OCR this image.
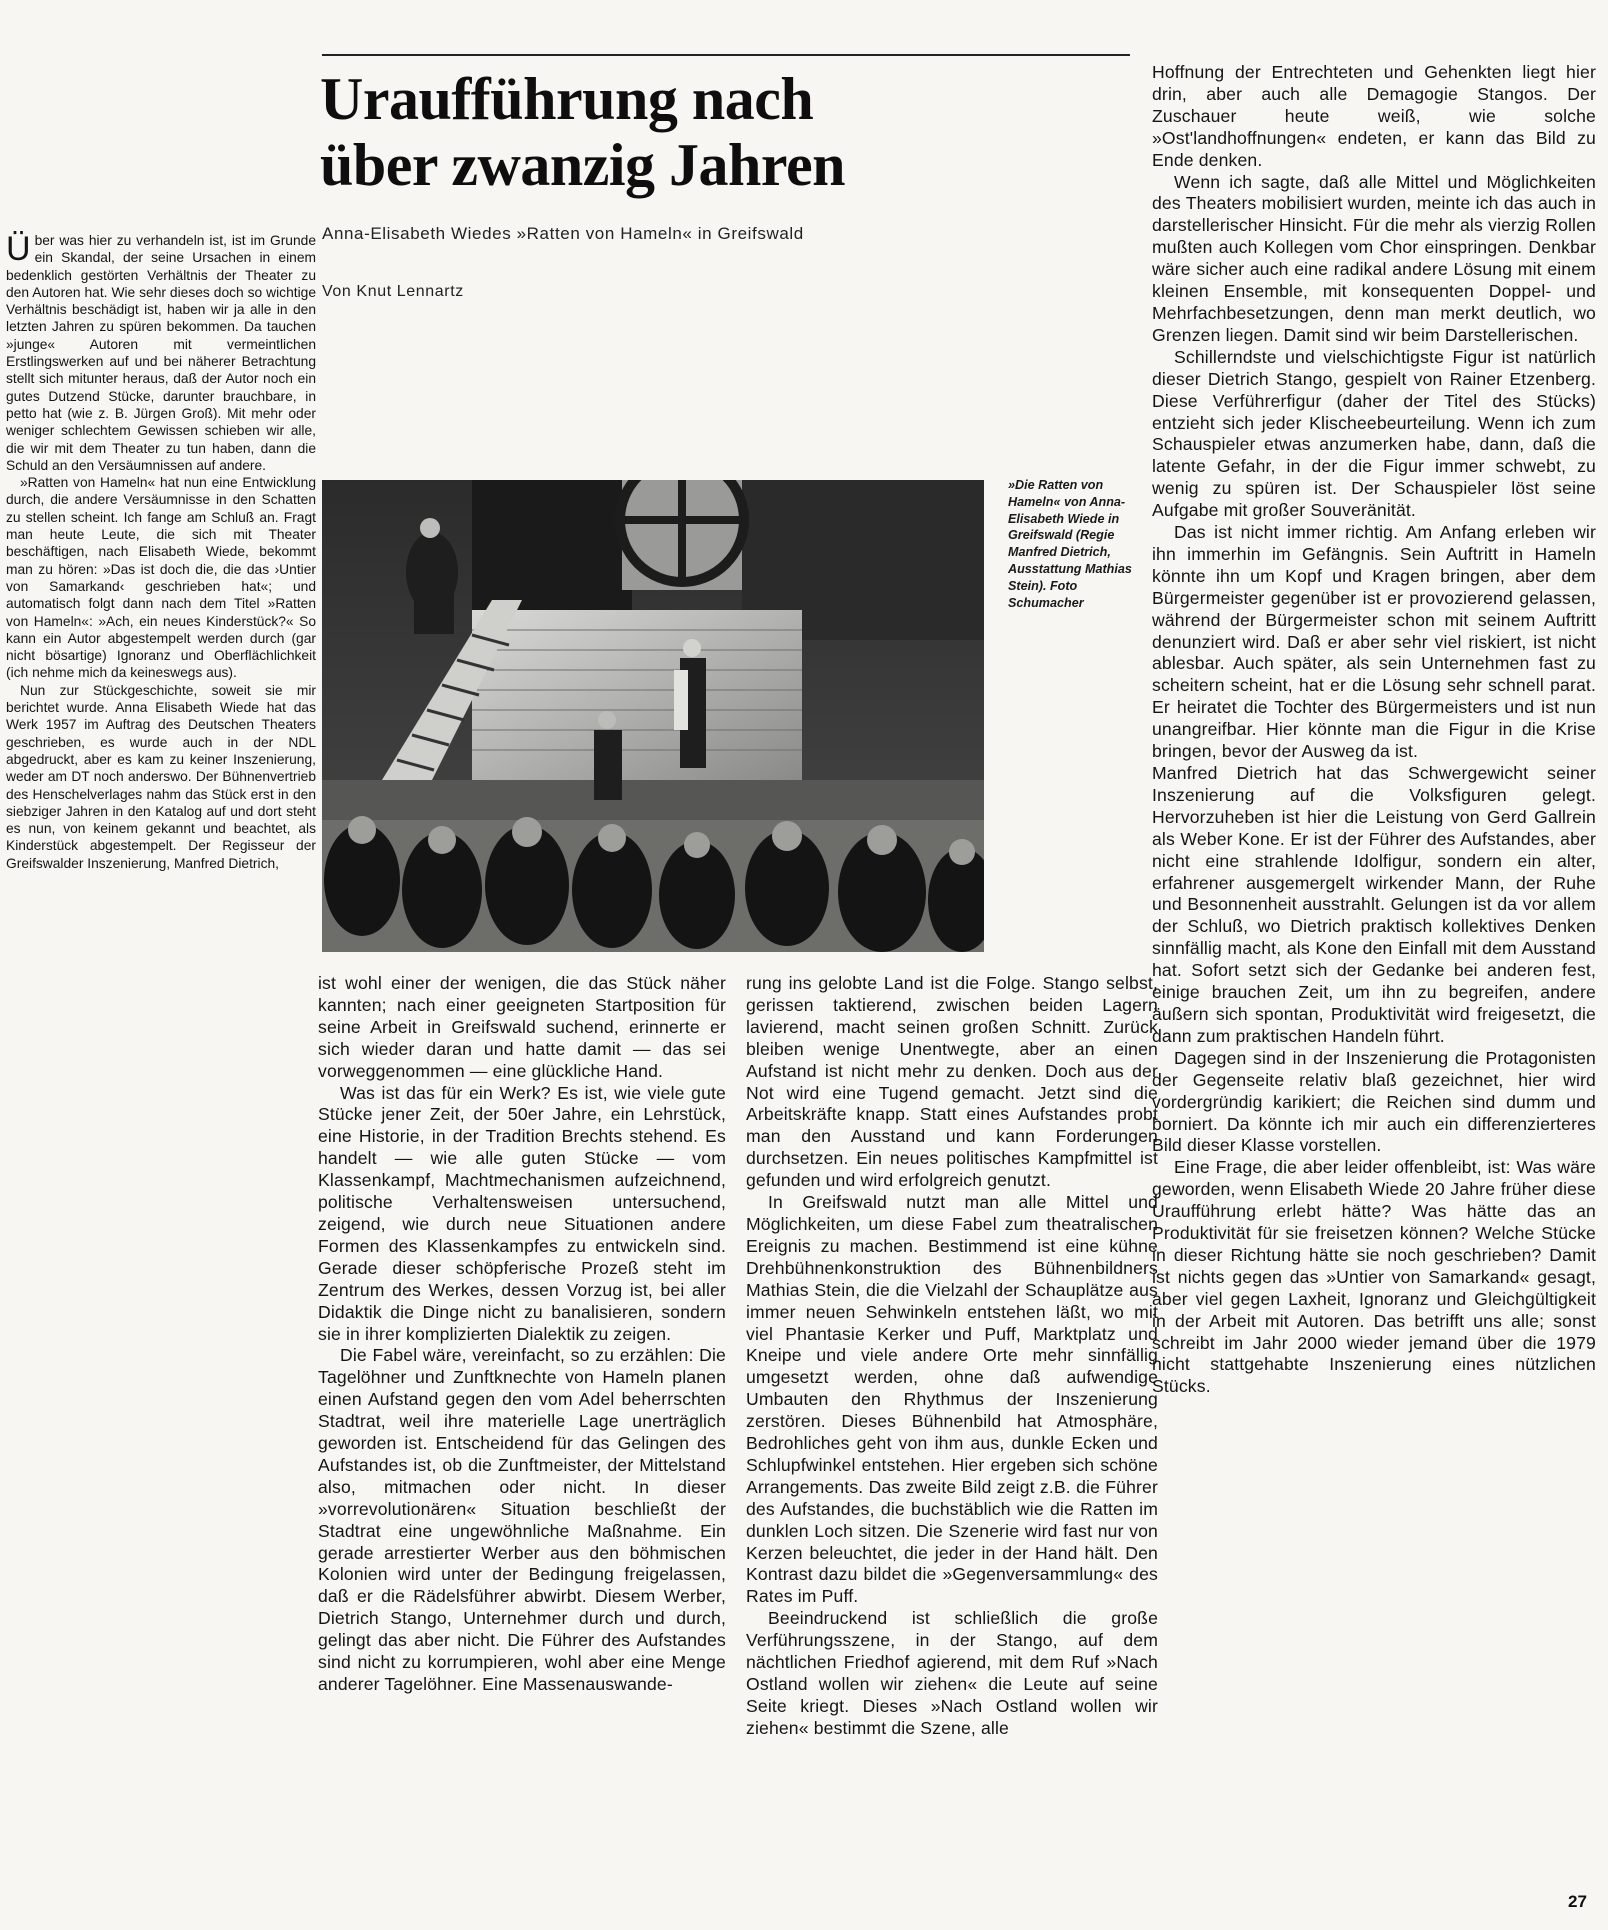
Uraufführung nach
über zwanzig Jahren

Anna-Elisabeth Wiedes »Ratten von Hameln« in Greifswald

Von Knut Lennartz

Über was hier zu verhandeln ist, ist im Grunde ein Skandal, der seine Ursachen in einem bedenklich gestörten Verhältnis der Theater zu den Autoren hat. Wie sehr dieses doch so wichtige Verhältnis beschädigt ist, haben wir ja alle in den letzten Jahren zu spüren bekommen. Da tauchen »junge« Autoren mit vermeintlichen Erstlingswerken auf und bei näherer Betrachtung stellt sich mitunter heraus, daß der Autor noch ein gutes Dutzend Stücke, darunter brauchbare, in petto hat (wie z. B. Jürgen Groß). Mit mehr oder weniger schlechtem Gewissen schieben wir alle, die wir mit dem Theater zu tun haben, dann die Schuld an den Versäumnissen auf andere.

»Ratten von Hameln« hat nun eine Entwicklung durch, die andere Versäumnisse in den Schatten zu stellen scheint. Ich fange am Schluß an. Fragt man heute Leute, die sich mit Theater beschäftigen, nach Elisabeth Wiede, bekommt man zu hören: »Das ist doch die, die das ›Untier von Samarkand‹ geschrieben hat«; und automatisch folgt dann nach dem Titel »Ratten von Hameln«: »Ach, ein neues Kinderstück?« So kann ein Autor abgestempelt werden durch (gar nicht bösartige) Ignoranz und Oberflächlichkeit (ich nehme mich da keineswegs aus).

Nun zur Stückgeschichte, soweit sie mir berichtet wurde. Anna Elisabeth Wiede hat das Werk 1957 im Auftrag des Deutschen Theaters geschrieben, es wurde auch in der NDL abgedruckt, aber es kam zu keiner Inszenierung, weder am DT noch anderswo. Der Bühnenvertrieb des Henschelverlages nahm das Stück erst in den siebziger Jahren in den Katalog auf und dort steht es nun, von keinem gekannt und beachtet, als Kinderstück abgestempelt. Der Regisseur der Greifswalder Inszenierung, Manfred Dietrich,

»Die Ratten von Hameln« von Anna-Elisabeth Wiede in Greifswald (Regie Manfred Dietrich, Ausstattung Mathias Stein). Foto Schumacher

ist wohl einer der wenigen, die das Stück näher kannten; nach einer geeigneten Startposition für seine Arbeit in Greifswald suchend, erinnerte er sich wieder daran und hatte damit — das sei vorweggenommen — eine glückliche Hand.

Was ist das für ein Werk? Es ist, wie viele gute Stücke jener Zeit, der 50er Jahre, ein Lehrstück, eine Historie, in der Tradition Brechts stehend. Es handelt — wie alle guten Stücke — vom Klassenkampf, Machtmechanismen aufzeichnend, politische Verhaltensweisen untersuchend, zeigend, wie durch neue Situationen andere Formen des Klassenkampfes zu entwickeln sind. Gerade dieser schöpferische Prozeß steht im Zentrum des Werkes, dessen Vorzug ist, bei aller Didaktik die Dinge nicht zu banalisieren, sondern sie in ihrer komplizierten Dialektik zu zeigen.

Die Fabel wäre, vereinfacht, so zu erzählen: Die Tagelöhner und Zunftknechte von Hameln planen einen Aufstand gegen den vom Adel beherrschten Stadtrat, weil ihre materielle Lage unerträglich geworden ist. Entscheidend für das Gelingen des Aufstandes ist, ob die Zunftmeister, der Mittelstand also, mitmachen oder nicht. In dieser »vorrevolutionären« Situation beschließt der Stadtrat eine ungewöhnliche Maßnahme. Ein gerade arrestierter Werber aus den böhmischen Kolonien wird unter der Bedingung freigelassen, daß er die Rädelsführer abwirbt. Diesem Werber, Dietrich Stango, Unternehmer durch und durch, gelingt das aber nicht. Die Führer des Aufstandes sind nicht zu korrumpieren, wohl aber eine Menge anderer Tagelöhner. Eine Massenauswande-

rung ins gelobte Land ist die Folge. Stango selbst, gerissen taktierend, zwischen beiden Lagern lavierend, macht seinen großen Schnitt. Zurück bleiben wenige Unentwegte, aber an einen Aufstand ist nicht mehr zu denken. Doch aus der Not wird eine Tugend gemacht. Jetzt sind die Arbeitskräfte knapp. Statt eines Aufstandes probt man den Ausstand und kann Forderungen durchsetzen. Ein neues politisches Kampfmittel ist gefunden und wird erfolgreich genutzt.

In Greifswald nutzt man alle Mittel und Möglichkeiten, um diese Fabel zum theatralischen Ereignis zu machen. Bestimmend ist eine kühne Drehbühnenkonstruktion des Bühnenbildners Mathias Stein, die die Vielzahl der Schauplätze aus immer neuen Sehwinkeln entstehen läßt, wo mit viel Phantasie Kerker und Puff, Marktplatz und Kneipe und viele andere Orte mehr sinnfällig umgesetzt werden, ohne daß aufwendige Umbauten den Rhythmus der Inszenierung zerstören. Dieses Bühnenbild hat Atmosphäre, Bedrohliches geht von ihm aus, dunkle Ecken und Schlupfwinkel entstehen. Hier ergeben sich schöne Arrangements. Das zweite Bild zeigt z.B. die Führer des Aufstandes, die buchstäblich wie die Ratten im dunklen Loch sitzen. Die Szenerie wird fast nur von Kerzen beleuchtet, die jeder in der Hand hält. Den Kontrast dazu bildet die »Gegenversammlung« des Rates im Puff.

Beeindruckend ist schließlich die große Verführungsszene, in der Stango, auf dem nächtlichen Friedhof agierend, mit dem Ruf »Nach Ostland wollen wir ziehen« die Leute auf seine Seite kriegt. Dieses »Nach Ostland wollen wir ziehen« bestimmt die Szene, alle

Hoffnung der Entrechteten und Gehenkten liegt hier drin, aber auch alle Demagogie Stangos. Der Zuschauer heute weiß, wie solche »Ost'landhoffnungen« endeten, er kann das Bild zu Ende denken.

Wenn ich sagte, daß alle Mittel und Möglichkeiten des Theaters mobilisiert wurden, meinte ich das auch in darstellerischer Hinsicht. Für die mehr als vierzig Rollen mußten auch Kollegen vom Chor einspringen. Denkbar wäre sicher auch eine radikal andere Lösung mit einem kleinen Ensemble, mit konsequenten Doppel- und Mehrfachbesetzungen, denn man merkt deutlich, wo Grenzen liegen. Damit sind wir beim Darstellerischen.

Schillerndste und vielschichtigste Figur ist natürlich dieser Dietrich Stango, gespielt von Rainer Etzenberg. Diese Verführerfigur (daher der Titel des Stücks) entzieht sich jeder Klischeebeurteilung. Wenn ich zum Schauspieler etwas anzumerken habe, dann, daß die latente Gefahr, in der die Figur immer schwebt, zu wenig zu spüren ist. Der Schauspieler löst seine Aufgabe mit großer Souveränität.

Das ist nicht immer richtig. Am Anfang erleben wir ihn immerhin im Gefängnis. Sein Auftritt in Hameln könnte ihn um Kopf und Kragen bringen, aber dem Bürgermeister gegenüber ist er provozierend gelassen, während der Bürgermeister schon mit seinem Auftritt denunziert wird. Daß er aber sehr viel riskiert, ist nicht ablesbar. Auch später, als sein Unternehmen fast zu scheitern scheint, hat er die Lösung sehr schnell parat. Er heiratet die Tochter des Bürgermeisters und ist nun unangreifbar. Hier könnte man die Figur in die Krise bringen, bevor der Ausweg da ist.

Manfred Dietrich hat das Schwergewicht seiner Inszenierung auf die Volksfiguren gelegt. Hervorzuheben ist hier die Leistung von Gerd Gallrein als Weber Kone. Er ist der Führer des Aufstandes, aber nicht eine strahlende Idolfigur, sondern ein alter, erfahrener ausgemergelt wirkender Mann, der Ruhe und Besonnenheit ausstrahlt. Gelungen ist da vor allem der Schluß, wo Dietrich praktisch kollektives Denken sinnfällig macht, als Kone den Einfall mit dem Ausstand hat. Sofort setzt sich der Gedanke bei anderen fest, einige brauchen Zeit, um ihn zu begreifen, andere äußern sich spontan, Produktivität wird freigesetzt, die dann zum praktischen Handeln führt.

Dagegen sind in der Inszenierung die Protagonisten der Gegenseite relativ blaß gezeichnet, hier wird vordergründig karikiert; die Reichen sind dumm und borniert. Da könnte ich mir auch ein differenzierteres Bild dieser Klasse vorstellen.

Eine Frage, die aber leider offenbleibt, ist: Was wäre geworden, wenn Elisabeth Wiede 20 Jahre früher diese Uraufführung erlebt hätte? Was hätte das an Produktivität für sie freisetzen können? Welche Stücke in dieser Richtung hätte sie noch geschrieben? Damit ist nichts gegen das »Untier von Samarkand« gesagt, aber viel gegen Laxheit, Ignoranz und Gleichgültigkeit in der Arbeit mit Autoren. Das betrifft uns alle; sonst schreibt im Jahr 2000 wieder jemand über die 1979 nicht stattgehabte Inszenierung eines nützlichen Stücks.

27
